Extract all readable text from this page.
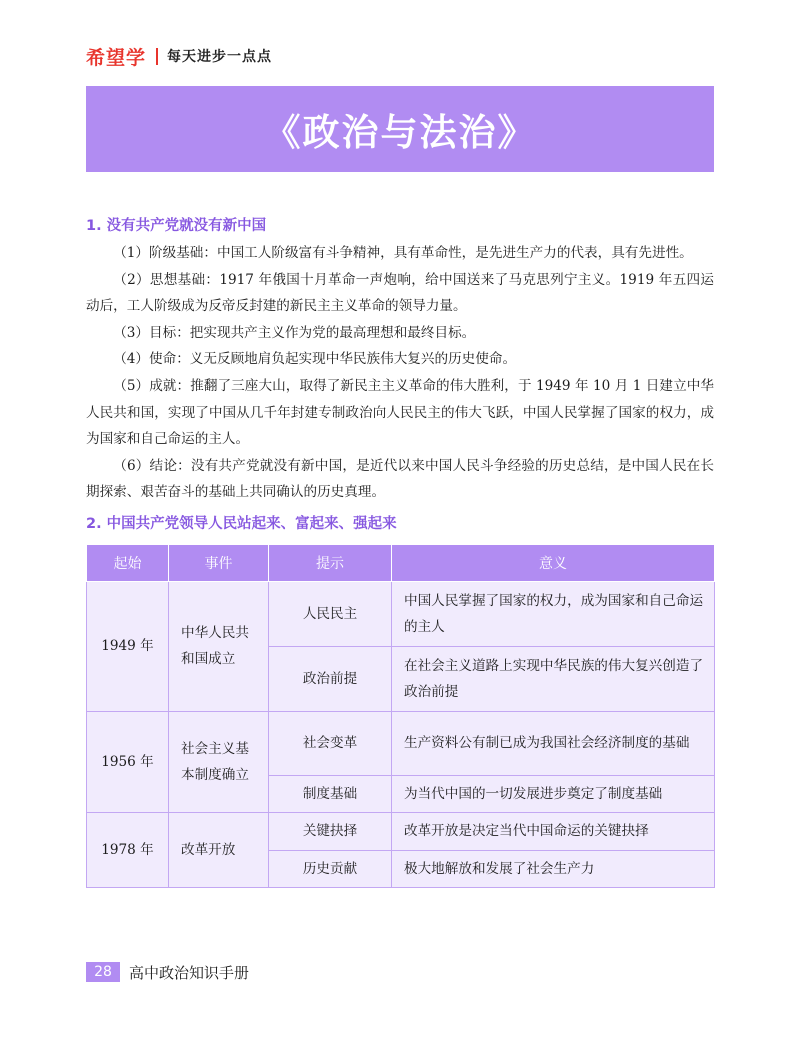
希望学 每天进步一点点
《政治与法治》
1. 没有共产党就没有新中国

（1）阶级基础：中国工人阶级富有斗争精神，具有革命性，是先进生产力的代表，具有先进性。

（2）思想基础：1917 年俄国十月革命一声炮响，给中国送来了马克思列宁主义。1919 年五四运动后，工人阶级成为反帝反封建的新民主主义革命的领导力量。

（3）目标：把实现共产主义作为党的最高理想和最终目标。

（4）使命：义无反顾地肩负起实现中华民族伟大复兴的历史使命。

（5）成就：推翻了三座大山，取得了新民主主义革命的伟大胜利，于 1949 年 10 月 1 日建立中华人民共和国，实现了中国从几千年封建专制政治向人民民主的伟大飞跃，中国人民掌握了国家的权力，成为国家和自己命运的主人。

（6）结论：没有共产党就没有新中国，是近代以来中国人民斗争经验的历史总结，是中国人民在长期探索、艰苦奋斗的基础上共同确认的历史真理。

2. 中国共产党领导人民站起来、富起来、强起来
起始	事件	提示	意义
1949 年	中华人民共和国成立	人民民主	中国人民掌握了国家的权力，成为国家和自己命运的主人
		政治前提	在社会主义道路上实现中华民族的伟大复兴创造了政治前提
1956 年	社会主义基本制度确立	社会变革	生产资料公有制已成为我国社会经济制度的基础
		制度基础	为当代中国的一切发展进步奠定了制度基础
1978 年	改革开放	关键抉择	改革开放是决定当代中国命运的关键抉择
		历史贡献	极大地解放和发展了社会生产力
28	高中政治知识手册
